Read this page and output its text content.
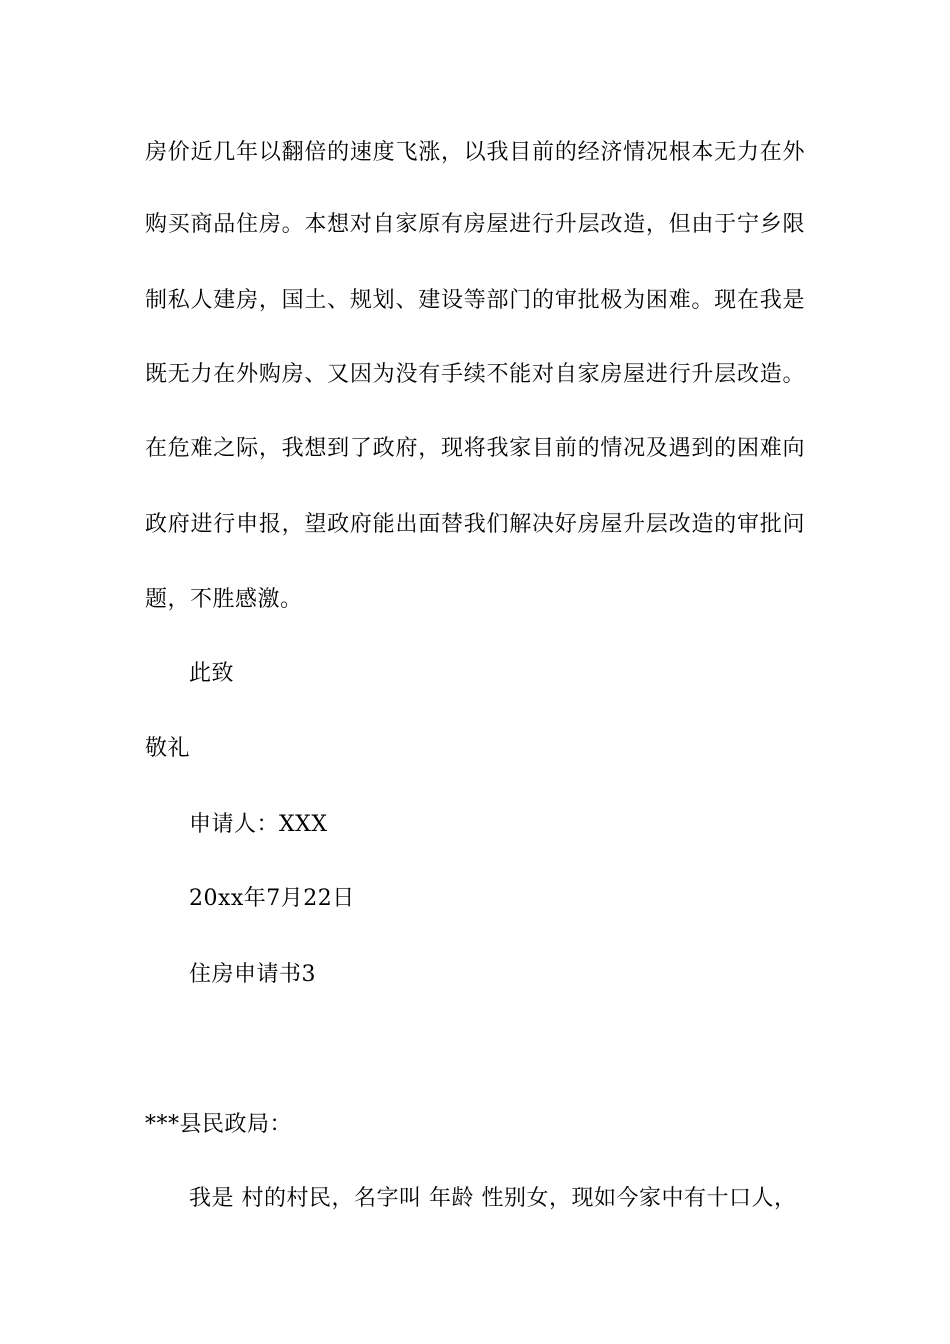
房价近几年以翻倍的速度飞涨，以我目前的经济情况根本无力在外
购买商品住房。本想对自家原有房屋进行升层改造，但由于宁乡限
制私人建房，国土、规划、建设等部门的审批极为困难。现在我是
既无力在外购房、又因为没有手续不能对自家房屋进行升层改造。
在危难之际，我想到了政府，现将我家目前的情况及遇到的困难向
政府进行申报，望政府能出面替我们解决好房屋升层改造的审批问
题，不胜感激。
此致
敬礼
申请人：XXX
20xx年7月22日
住房申请书3
***县民政局：
我是 村的村民，名字叫 年龄 性别女，现如今家中有十口人，
